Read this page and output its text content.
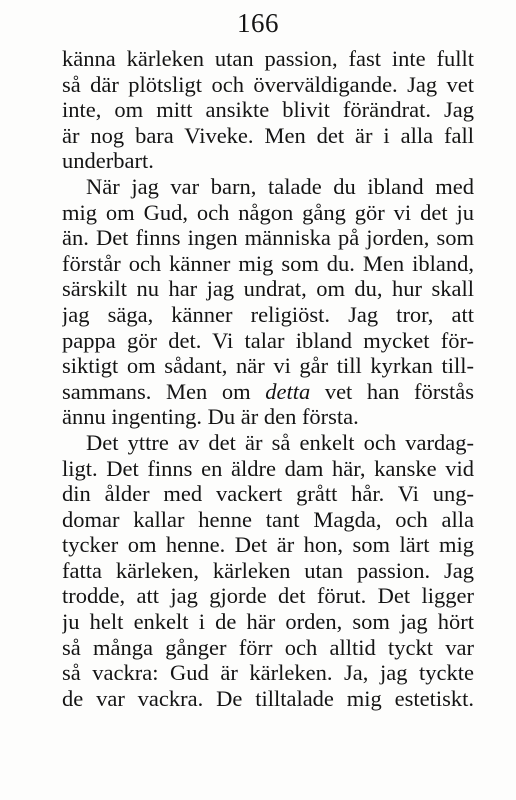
166
känna kärleken utan passion, fast inte fullt
så där plötsligt och överväldigande. Jag vet
inte, om mitt ansikte blivit förändrat. Jag
är nog bara Viveke. Men det är i alla fall
underbart.
När jag var barn, talade du ibland med
mig om Gud, och någon gång gör vi det ju
än. Det finns ingen människa på jorden, som
förstår och känner mig som du. Men ibland,
särskilt nu har jag undrat, om du, hur skall
jag säga, känner religiöst. Jag tror, att
pappa gör det. Vi talar ibland mycket för-
siktigt om sådant, när vi går till kyrkan till-
sammans. Men om detta vet han förstås
ännu ingenting. Du är den första.
Det yttre av det är så enkelt och vardag-
ligt. Det finns en äldre dam här, kanske vid
din ålder med vackert grått hår. Vi ung-
domar kallar henne tant Magda, och alla
tycker om henne. Det är hon, som lärt mig
fatta kärleken, kärleken utan passion. Jag
trodde, att jag gjorde det förut. Det ligger
ju helt enkelt i de här orden, som jag hört
så många gånger förr och alltid tyckt var
så vackra: Gud är kärleken. Ja, jag tyckte
de var vackra. De tilltalade mig estetiskt.
